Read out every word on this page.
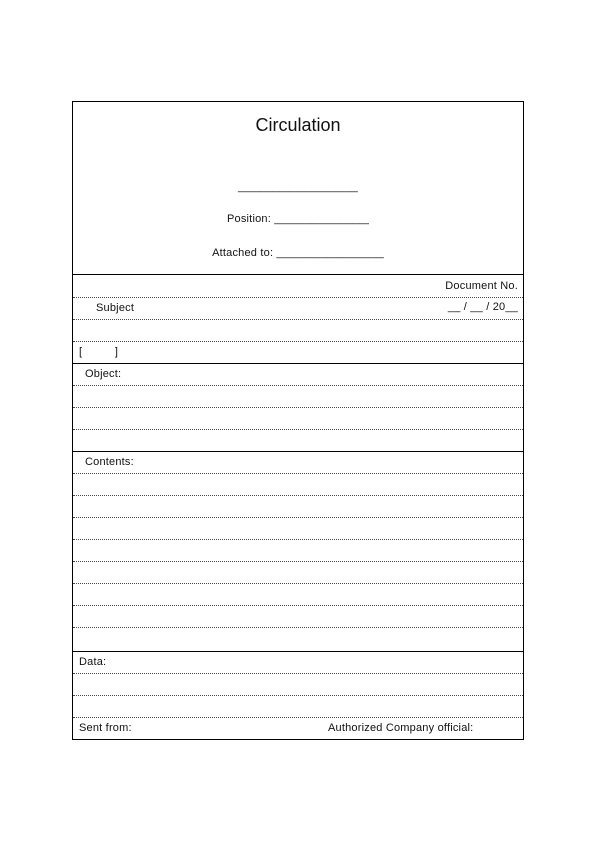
Circulation
___________________
Position: _______________
Attached to: _________________
Document No.
Subject	__ / __ / 20__
[          ]
Object:
Contents:
Data:
Sent from:	Authorized Company official:
